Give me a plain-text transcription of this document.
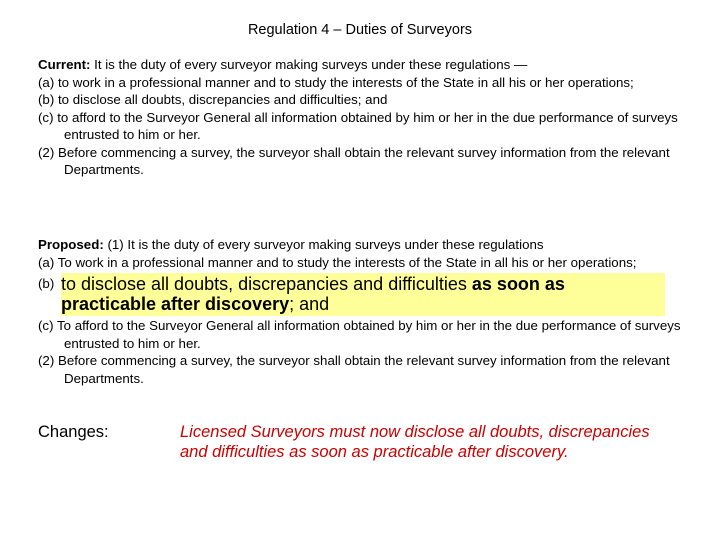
Regulation 4 – Duties of Surveyors

Current: It is the duty of every surveyor making surveys under these regulations —

(a) to work in a professional manner and to study the interests of the State in all his or her operations;

(b) to disclose all doubts, discrepancies and difficulties; and

(c) to afford to the Surveyor General all information obtained by him or her in the due performance of surveys entrusted to him or her.

(2) Before commencing a survey, the surveyor shall obtain the relevant survey information from the relevant Departments.

Proposed: (1) It is the duty of every surveyor making surveys under these regulations

(a) To work in a professional manner and to study the interests of the State in all his or her operations;

(b) to disclose all doubts, discrepancies and difficulties as soon as practicable after discovery; and

(c) To afford to the Surveyor General all information obtained by him or her in the due performance of surveys entrusted to him or her.

(2) Before commencing a survey, the surveyor shall obtain the relevant survey information from the relevant Departments.

Changes:	Licensed Surveyors must now disclose all doubts, discrepancies and difficulties as soon as practicable after discovery.
